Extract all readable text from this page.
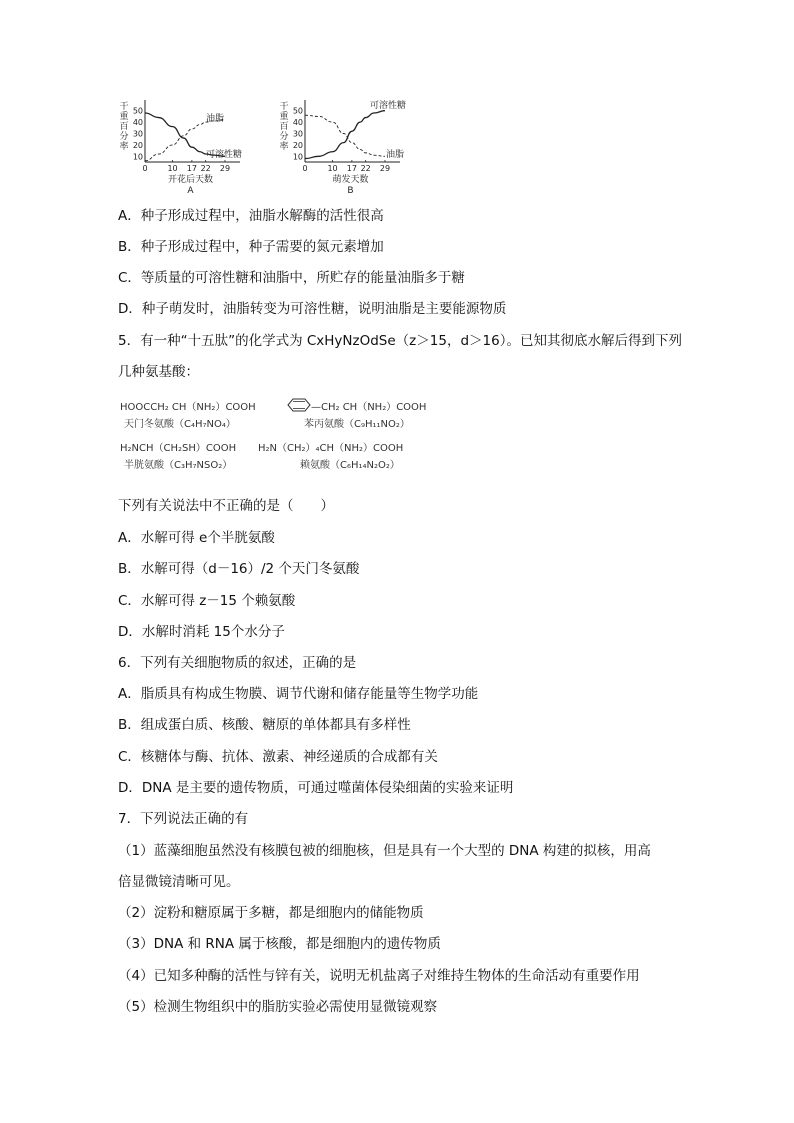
10
20
30
40
50
0 10 17 22 29
干
重
百
分
率
开花后天数
A
油脂
可溶性糖	10
20
30
40
50
0 10 17 22 29
干
重
百
分
率
萌发天数
B
可溶性糖
油脂
A．种子形成过程中，油脂水解酶的活性很高
B．种子形成过程中，种子需要的氮元素增加
C．等质量的可溶性糖和油脂中，所贮存的能量油脂多于糖
D．种子萌发时，油脂转变为可溶性糖，说明油脂是主要能源物质
5．有一种“十五肽”的化学式为 CxHyNzOdSe（z＞15，d＞16）。已知其彻底水解后得到下列
几种氨基酸：
HOOCCH₂ CH（NH₂）COOH
天门冬氨酸（C₄H₇NO₄）
—CH₂ CH（NH₂）COOH
苯丙氨酸（C₉H₁₁NO₂）
H₂NCH（CH₂SH）COOH
半胱氨酸（C₃H₇NSO₂）
H₂N（CH₂）₄CH（NH₂）COOH
赖氨酸（C₆H₁₄N₂O₂）
下列有关说法中不正确的是（　　）
A．水解可得 e个半胱氨酸
B．水解可得（d－16）/2 个天门冬氨酸
C．水解可得 z－15 个赖氨酸
D．水解时消耗 15个水分子
6．下列有关细胞物质的叙述，正确的是
A．脂质具有构成生物膜、调节代谢和储存能量等生物学功能
B．组成蛋白质、核酸、糖原的单体都具有多样性
C．核糖体与酶、抗体、激素、神经递质的合成都有关
D．DNA 是主要的遗传物质，可通过噬菌体侵染细菌的实验来证明
7．下列说法正确的有
（1）蓝藻细胞虽然没有核膜包被的细胞核，但是具有一个大型的 DNA 构建的拟核，用高
倍显微镜清晰可见。
（2）淀粉和糖原属于多糖，都是细胞内的储能物质
（3）DNA 和 RNA 属于核酸，都是细胞内的遗传物质
（4）已知多种酶的活性与锌有关，说明无机盐离子对维持生物体的生命活动有重要作用
（5）检测生物组织中的脂肪实验必需使用显微镜观察
